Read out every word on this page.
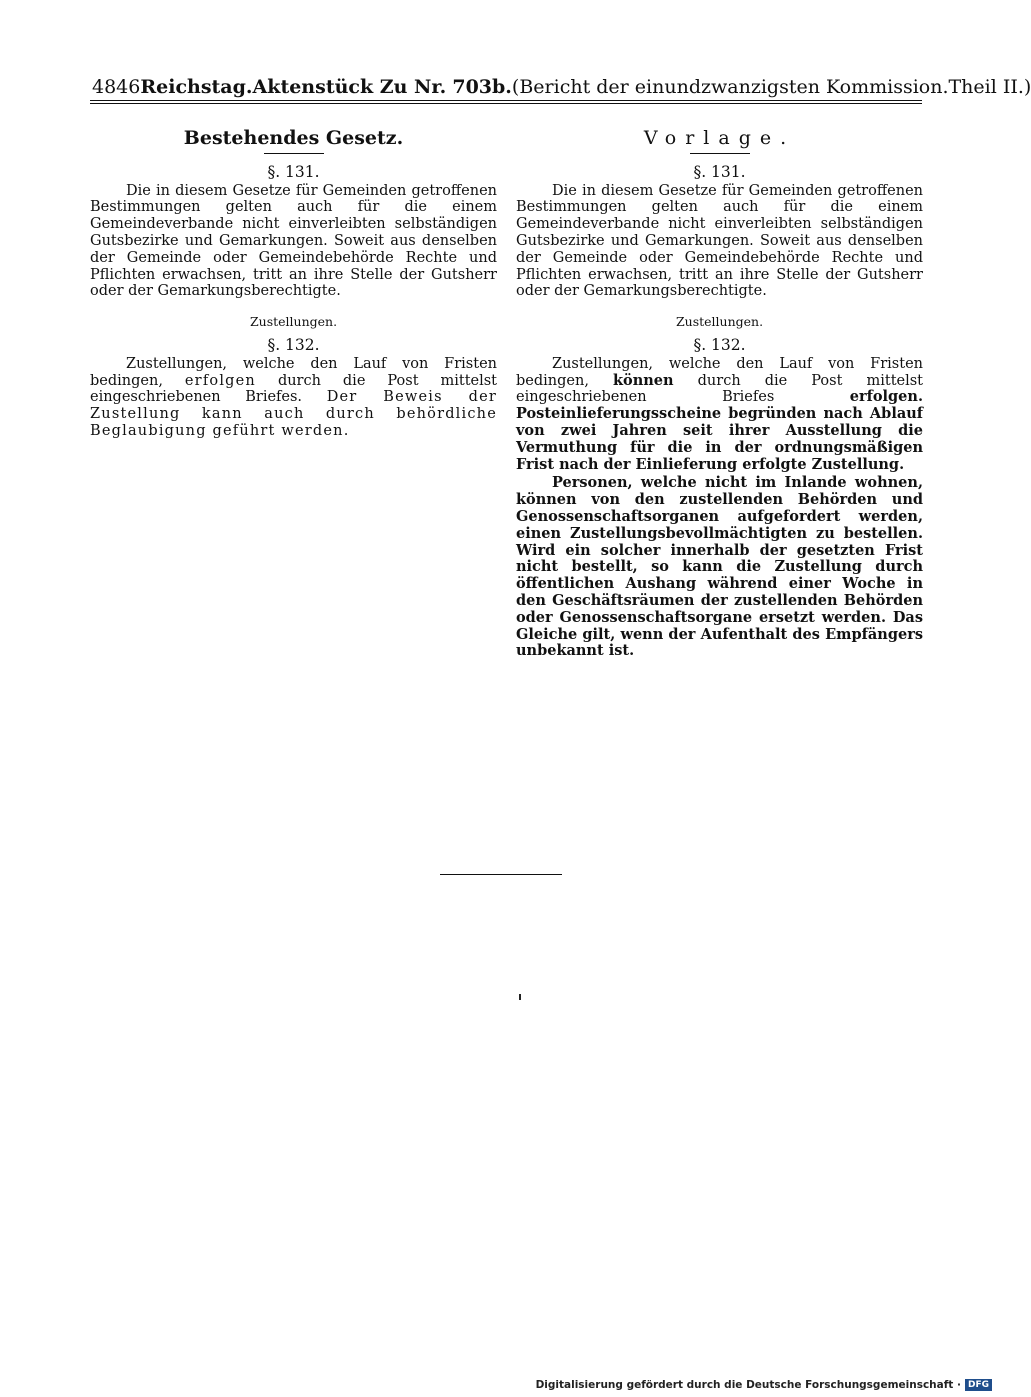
4846 Reichstag. Aktenstück Zu Nr. 703b. (Bericht der einundzwanzigsten Kommission. Theil II.)
Bestehendes Gesetz.
§. 131.

Die in diesem Gesetze für Gemeinden getroffenen Bestimmungen gelten auch für die einem Gemeindeverbande nicht einverleibten selbständigen Gutsbezirke und Gemarkungen. Soweit aus denselben der Gemeinde oder Gemeindebehörde Rechte und Pflichten erwachsen, tritt an ihre Stelle der Gutsherr oder der Gemarkungsberechtigte.

Zustellungen.
§. 132.

Zustellungen, welche den Lauf von Fristen bedingen, erfolgen durch die Post mittelst eingeschriebenen Briefes. Der Beweis der Zustellung kann auch durch behördliche Beglaubigung geführt werden.

Vorlage.
§. 131.

Die in diesem Gesetze für Gemeinden getroffenen Bestimmungen gelten auch für die einem Gemeindeverbande nicht einverleibten selbständigen Gutsbezirke und Gemarkungen. Soweit aus denselben der Gemeinde oder Gemeindebehörde Rechte und Pflichten erwachsen, tritt an ihre Stelle der Gutsherr oder der Gemarkungsberechtigte.

Zustellungen.
§. 132.

Zustellungen, welche den Lauf von Fristen bedingen, können durch die Post mittelst eingeschriebenen Briefes	erfolgen. Posteinlieferungsscheine begründen nach Ablauf von zwei Jahren seit ihrer Ausstellung die Vermuthung für die in der ordnungsmäßigen Frist nach der Einlieferung erfolgte Zustellung.

Personen, welche nicht im Inlande wohnen, können von den zustellenden Behörden und Genossenschaftsorganen aufgefordert werden, einen Zustellungsbevollmächtigten zu bestellen. Wird ein solcher innerhalb der gesetzten Frist nicht bestellt, so kann die Zustellung durch öffentlichen Aushang während einer Woche in den Geschäftsräumen der zustellenden Behörden oder Genossenschaftsorgane ersetzt werden. Das Gleiche gilt, wenn der Aufenthalt des Empfängers unbekannt ist.

Digitalisierung gefördert durch die Deutsche Forschungsgemeinschaft · DFG
